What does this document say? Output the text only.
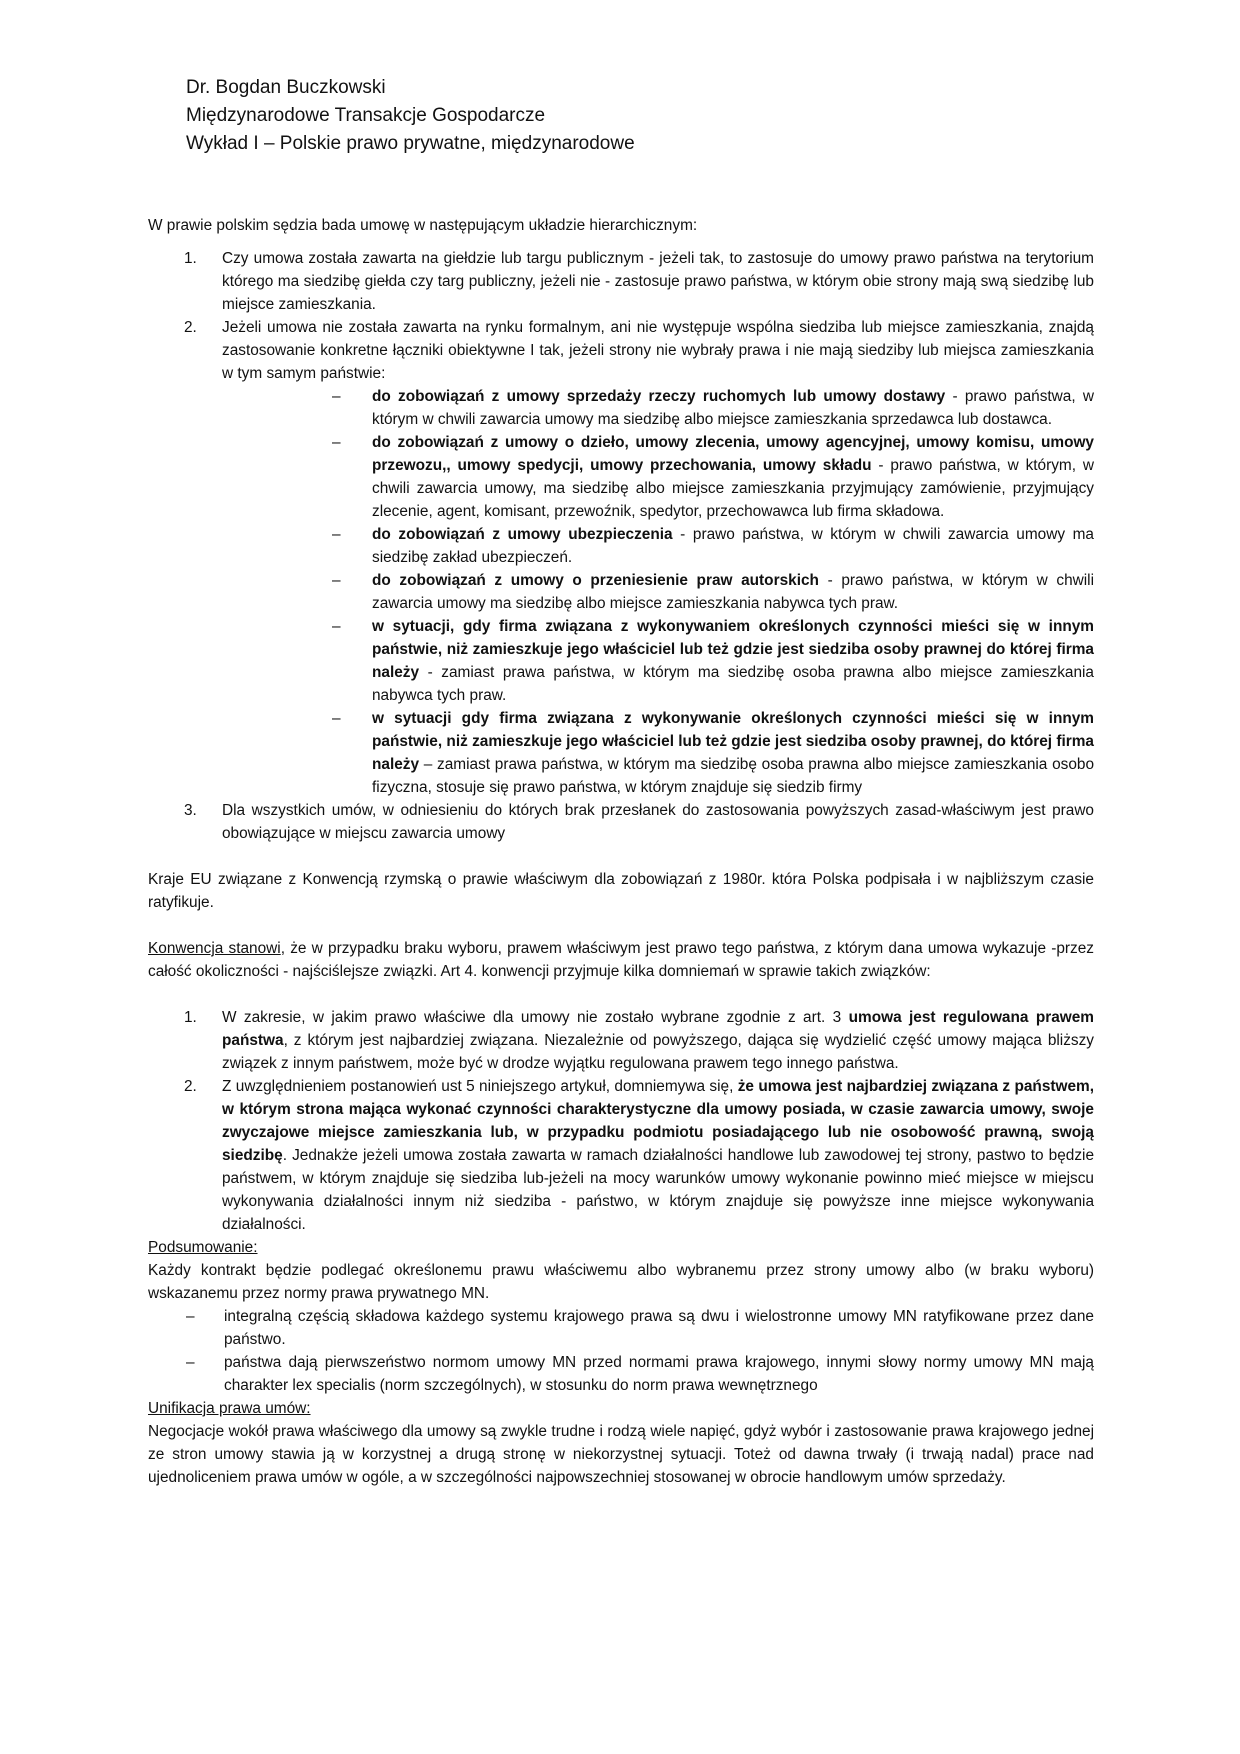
Dr. Bogdan Buczkowski
Międzynarodowe Transakcje Gospodarcze
Wykład I – Polskie prawo prywatne, międzynarodowe

W prawie polskim sędzia bada umowę w następującym układzie hierarchicznym:

1. Czy umowa została zawarta na giełdzie lub targu publicznym - jeżeli tak, to zastosuje do umowy prawo państwa na terytorium którego ma siedzibę giełda czy targ publiczny, jeżeli nie - zastosuje prawo państwa, w którym obie strony mają swą siedzibę lub miejsce zamieszkania.
2. Jeżeli umowa nie została zawarta na rynku formalnym, ani nie występuje wspólna siedziba lub miejsce zamieszkania, znajdą zastosowanie konkretne łączniki obiektywne I tak, jeżeli strony nie wybrały prawa i nie mają siedziby lub miejsca zamieszkania w tym samym państwie:
– do zobowiązań z umowy sprzedaży rzeczy ruchomych lub umowy dostawy - prawo państwa, w którym w chwili zawarcia umowy ma siedzibę albo miejsce zamieszkania sprzedawca lub dostawca.
– do zobowiązań z umowy o dzieło, umowy zlecenia, umowy agencyjnej, umowy komisu, umowy przewozu,, umowy spedycji, umowy przechowania, umowy składu - prawo państwa, w którym, w chwili zawarcia umowy, ma siedzibę albo miejsce zamieszkania przyjmujący zamówienie, przyjmujący zlecenie, agent, komisant, przewoźnik, spedytor, przechowawca lub firma składowa.
– do zobowiązań z umowy ubezpieczenia - prawo państwa, w którym w chwili zawarcia umowy ma siedzibę zakład ubezpieczeń.
– do zobowiązań z umowy o przeniesienie praw autorskich - prawo państwa, w którym w chwili zawarcia umowy ma siedzibę albo miejsce zamieszkania nabywca tych praw.
– w sytuacji, gdy firma związana z wykonywaniem określonych czynności mieści się w innym państwie, niż zamieszkuje jego właściciel lub też gdzie jest siedziba osoby prawnej do której firma należy - zamiast prawa państwa, w którym ma siedzibę osoba prawna albo miejsce zamieszkania nabywca tych praw.
– w sytuacji gdy firma związana z wykonywanie określonych czynności mieści się w innym państwie, niż zamieszkuje jego właściciel lub też gdzie jest siedziba osoby prawnej, do której firma należy – zamiast prawa państwa, w którym ma siedzibę osoba prawna albo miejsce zamieszkania osobo fizyczna, stosuje się prawo państwa, w którym znajduje się siedzib firmy
3. Dla wszystkich umów, w odniesieniu do których brak przesłanek do zastosowania powyższych zasad-właściwym jest prawo obowiązujące w miejscu zawarcia umowy

Kraje EU związane z Konwencją rzymską o prawie właściwym dla zobowiązań z 1980r. która Polska podpisała i w najbliższym czasie ratyfikuje.

Konwencja stanowi, że w przypadku braku wyboru, prawem właściwym jest prawo tego państwa, z którym dana umowa wykazuje -przez całość okoliczności - najściślejsze związki. Art 4. konwencji przyjmuje kilka domniemań w sprawie takich związków:

1. W zakresie, w jakim prawo właściwe dla umowy nie zostało wybrane zgodnie z art. 3 umowa jest regulowana prawem państwa, z którym jest najbardziej związana. Niezależnie od powyższego, dająca się wydzielić część umowy mająca bliższy związek z innym państwem, może być w drodze wyjątku regulowana prawem tego innego państwa.
2. Z uwzględnieniem postanowień ust 5 niniejszego artykuł, domniemywa się, że umowa jest najbardziej związana z państwem, w którym strona mająca wykonać czynności charakterystyczne dla umowy posiada, w czasie zawarcia umowy, swoje zwyczajowe miejsce zamieszkania lub, w przypadku podmiotu posiadającego lub nie osobowość prawną, swoją siedzibę. Jednakże jeżeli umowa została zawarta w ramach działalności handlowe lub zawodowej tej strony, pastwo to będzie państwem, w którym znajduje się siedziba lub-jeżeli na mocy warunków umowy wykonanie powinno mieć miejsce w miejscu wykonywania działalności innym niż siedziba - państwo, w którym znajduje się powyższe inne miejsce wykonywania działalności.

Podsumowanie:

Każdy kontrakt będzie podlegać określonemu prawu właściwemu albo wybranemu przez strony umowy albo (w braku wyboru) wskazanemu przez normy prawa prywatnego MN.

– integralną częścią składowa każdego systemu krajowego prawa są dwu i wielostronne umowy MN ratyfikowane przez dane państwo.
– państwa dają pierwszeństwo normom umowy MN przed normami prawa krajowego, innymi słowy normy umowy MN mają charakter lex specialis (norm szczególnych), w stosunku do norm prawa wewnętrznego

Unifikacja prawa umów:

Negocjacje wokół prawa właściwego dla umowy są zwykle trudne i rodzą wiele napięć, gdyż wybór i zastosowanie prawa krajowego jednej ze stron umowy stawia ją w korzystnej a drugą stronę w niekorzystnej sytuacji. Toteż od dawna trwały (i trwają nadal) prace nad ujednoliceniem prawa umów w ogóle, a w szczególności najpowszechniej stosowanej w obrocie handlowym umów sprzedaży.
